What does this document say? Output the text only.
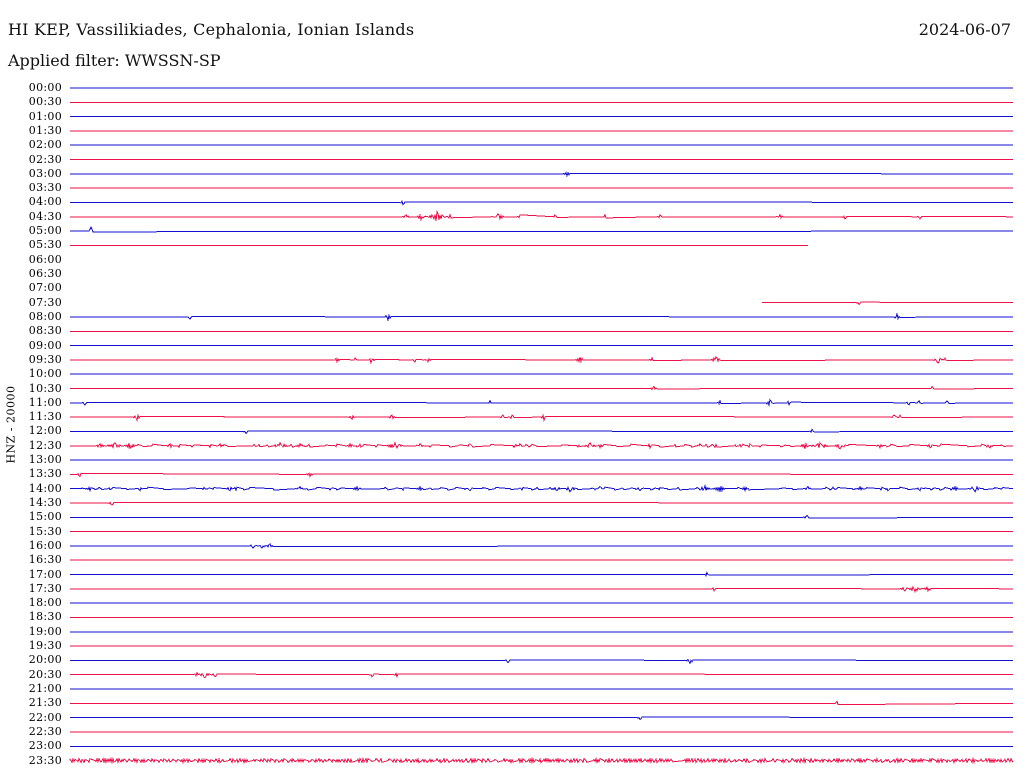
HI KEP, Vassilikiades, Cephalonia, Ionian Islands	2024-06-07
Applied filter: WWSSN-SP
HNZ - 20000
00:00
00:30
01:00
01:30
02:00
02:30
03:00
03:30
04:00
04:30
05:00
05:30
06:00
06:30
07:00
07:30
08:00
08:30
09:00
09:30
10:00
10:30
11:00
11:30
12:00
12:30
13:00
13:30
14:00
14:30
15:00
15:30
16:00
16:30
17:00
17:30
18:00
18:30
19:00
19:30
20:00
20:30
21:00
21:30
22:00
22:30
23:00
23:30
